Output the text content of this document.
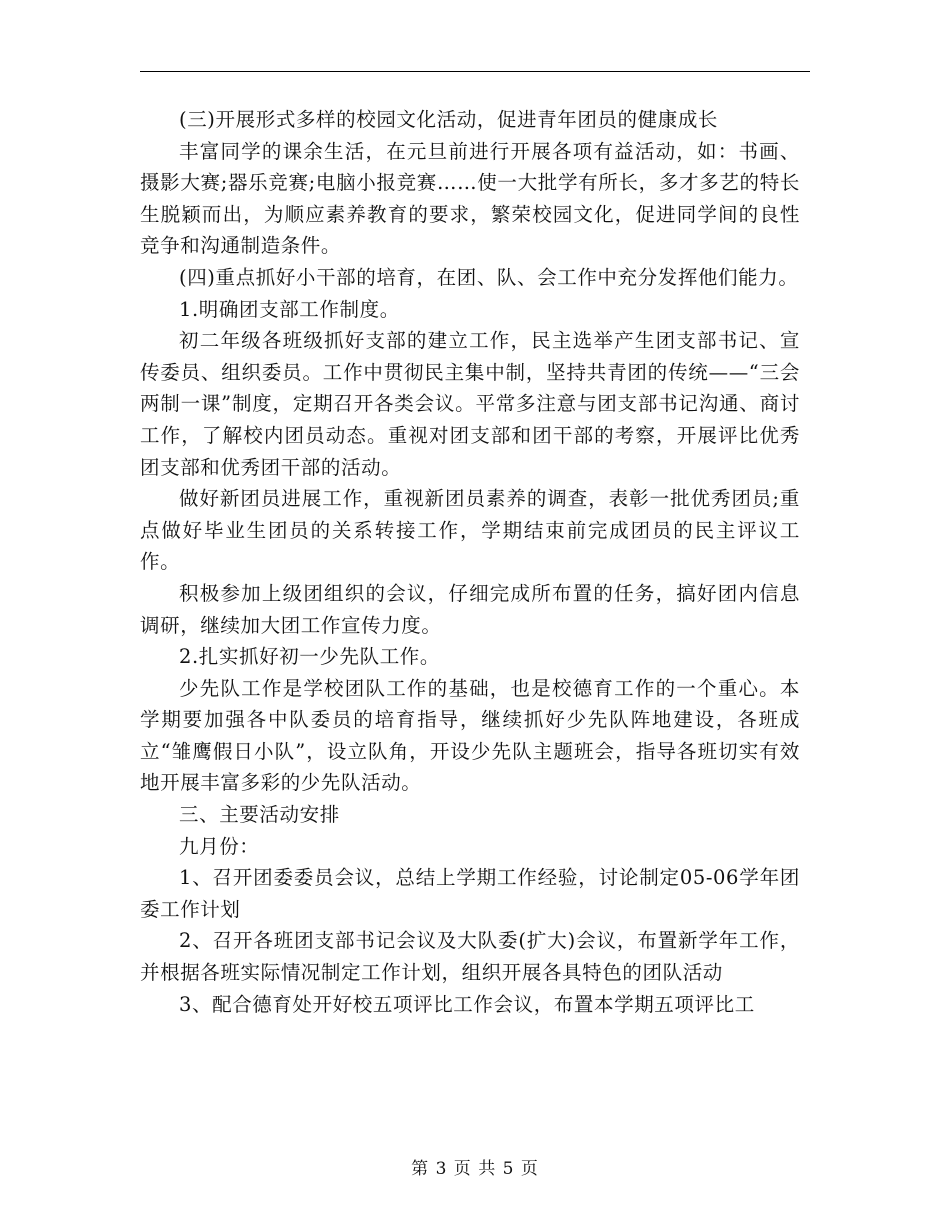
(三)开展形式多样的校园文化活动，促进青年团员的健康成长

丰富同学的课余生活，在元旦前进行开展各项有益活动，如：书画、摄影大赛;器乐竞赛;电脑小报竞赛……使一大批学有所长，多才多艺的特长生脱颖而出，为顺应素养教育的要求，繁荣校园文化，促进同学间的良性竞争和沟通制造条件。

(四)重点抓好小干部的培育，在团、队、会工作中充分发挥他们能力。

1.明确团支部工作制度。

初二年级各班级抓好支部的建立工作，民主选举产生团支部书记、宣传委员、组织委员。工作中贯彻民主集中制，坚持共青团的传统——“三会两制一课”制度，定期召开各类会议。平常多注意与团支部书记沟通、商讨工作，了解校内团员动态。重视对团支部和团干部的考察，开展评比优秀团支部和优秀团干部的活动。

做好新团员进展工作，重视新团员素养的调查，表彰一批优秀团员;重点做好毕业生团员的关系转接工作，学期结束前完成团员的民主评议工作。

积极参加上级团组织的会议，仔细完成所布置的任务，搞好团内信息调研，继续加大团工作宣传力度。

2.扎实抓好初一少先队工作。

少先队工作是学校团队工作的基础，也是校德育工作的一个重心。本学期要加强各中队委员的培育指导，继续抓好少先队阵地建设，各班成立“雏鹰假日小队”，设立队角，开设少先队主题班会，指导各班切实有效地开展丰富多彩的少先队活动。

三、主要活动安排

九月份：

1、召开团委委员会议，总结上学期工作经验，讨论制定05-06学年团委工作计划

2、召开各班团支部书记会议及大队委(扩大)会议，布置新学年工作，并根据各班实际情况制定工作计划，组织开展各具特色的团队活动

3、配合德育处开好校五项评比工作会议，布置本学期五项评比工

第 3 页 共 5 页
